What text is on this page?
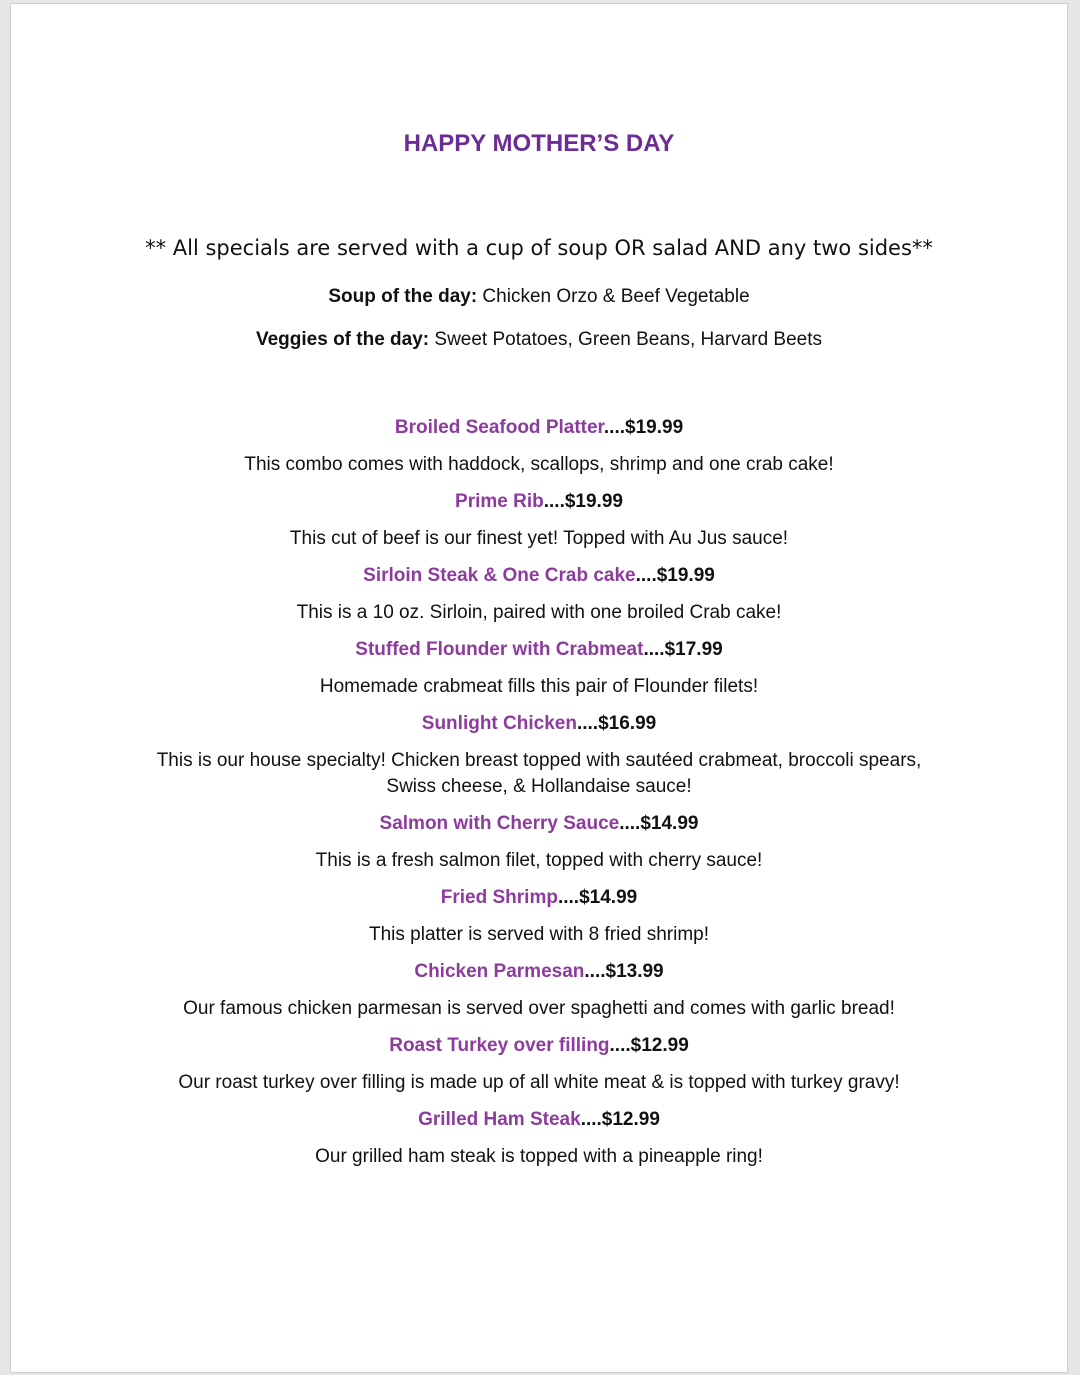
HAPPY MOTHER’S DAY
** All specials are served with a cup of soup OR salad AND any two sides**
Soup of the day: Chicken Orzo & Beef Vegetable
Veggies of the day: Sweet Potatoes, Green Beans, Harvard Beets
Broiled Seafood Platter....$19.99
This combo comes with haddock, scallops, shrimp and one crab cake!
Prime Rib....$19.99
This cut of beef is our finest yet! Topped with Au Jus sauce!
Sirloin Steak & One Crab cake....$19.99
This is a 10 oz. Sirloin, paired with one broiled Crab cake!
Stuffed Flounder with Crabmeat....$17.99
Homemade crabmeat fills this pair of Flounder filets!
Sunlight Chicken....$16.99
This is our house specialty! Chicken breast topped with sautéed crabmeat, broccoli spears, Swiss cheese, & Hollandaise sauce!
Salmon with Cherry Sauce....$14.99
This is a fresh salmon filet, topped with cherry sauce!
Fried Shrimp....$14.99
This platter is served with 8 fried shrimp!
Chicken Parmesan....$13.99
Our famous chicken parmesan is served over spaghetti and comes with garlic bread!
Roast Turkey over filling....$12.99
Our roast turkey over filling is made up of all white meat & is topped with turkey gravy!
Grilled Ham Steak....$12.99
Our grilled ham steak is topped with a pineapple ring!
